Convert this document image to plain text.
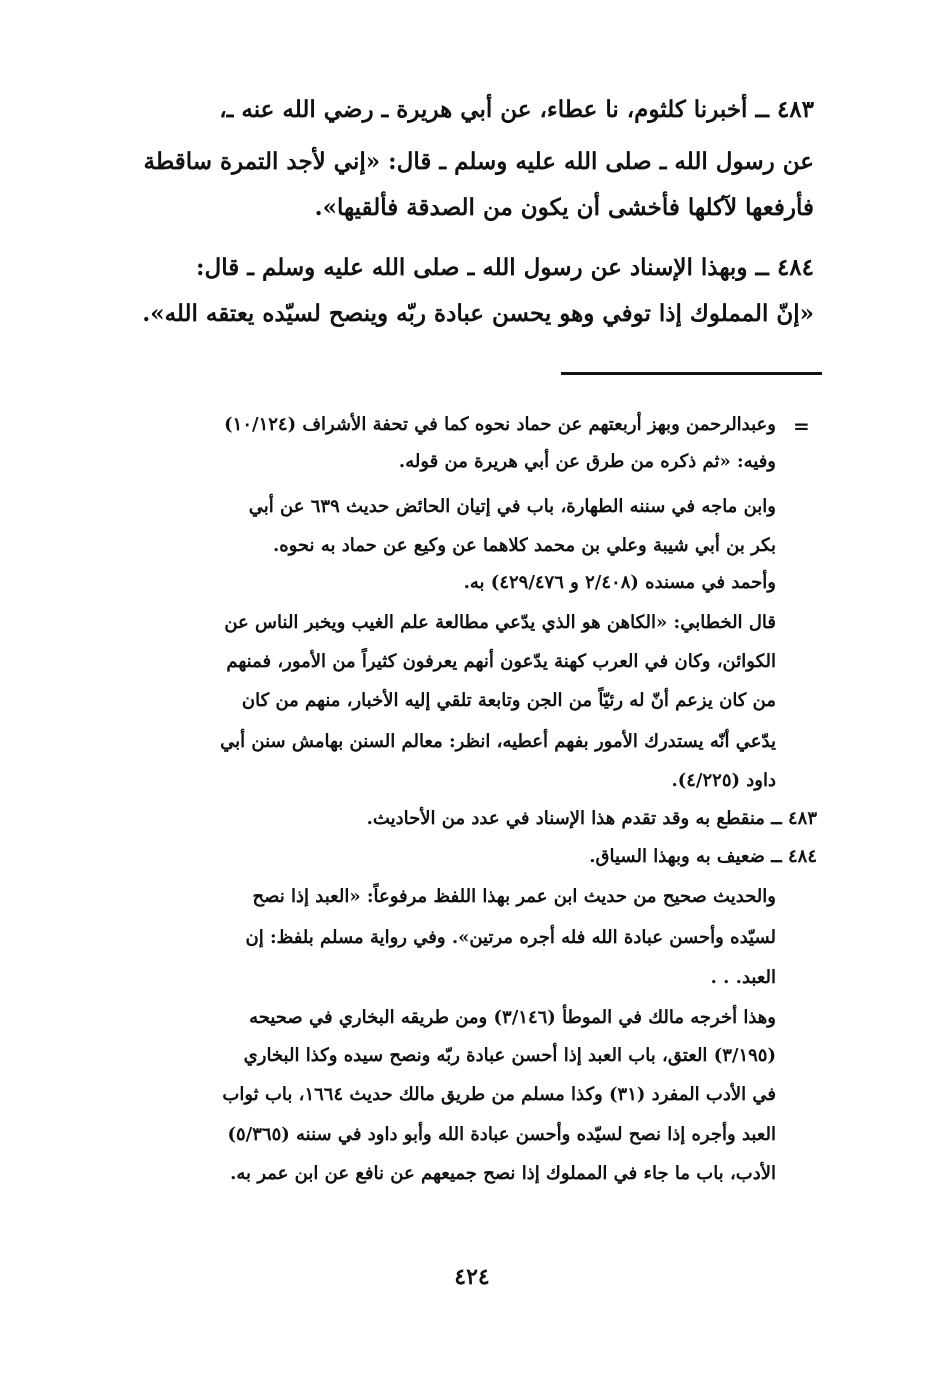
٤٨٣ ــ أخبرنا كلثوم، نا عطاء، عن أبي هريرة ـ رضي الله عنه ـ،
عن رسول الله ـ صلى الله عليه وسلم ـ قال: «إني لأجد التمرة ساقطة
فأرفعها لآكلها فأخشى أن يكون من الصدقة فألقيها».
٤٨٤ ــ وبهذا الإسناد عن رسول الله ـ صلى الله عليه وسلم ـ قال:
«إنّ المملوك إذا توفي وهو يحسن عبادة ربّه وينصح لسيّده يعتقه الله».
=
وعبدالرحمن وبهز أربعتهم عن حماد نحوه كما في تحفة الأشراف (١٠/١٢٤)
وفيه: «ثم ذكره من طرق عن أبي هريرة من قوله.
وابن ماجه في سننه الطهارة، باب في إتيان الحائض حديث ٦٣٩ عن أبي
بكر بن أبي شيبة وعلي بن محمد كلاهما عن وكيع عن حماد به نحوه.
وأحمد في مسنده (٢/٤٠٨ و ٤٢٩/٤٧٦) به.
قال الخطابي: «الكاهن هو الذي يدّعي مطالعة علم الغيب ويخبر الناس عن
الكوائن، وكان في العرب كهنة يدّعون أنهم يعرفون كثيراً من الأمور، فمنهم
من كان يزعم أنّ له رئيّاً من الجن وتابعة تلقي إليه الأخبار، منهم من كان
يدّعي أنّه يستدرك الأمور بفهم أعطيه، انظر: معالم السنن بهامش سنن أبي
داود (٤/٢٢٥).
٤٨٣ ــ منقطع به وقد تقدم هذا الإسناد في عدد من الأحاديث.
٤٨٤ ــ ضعيف به وبهذا السياق.
والحديث صحيح من حديث ابن عمر بهذا اللفظ مرفوعاً: «العبد إذا نصح
لسيّده وأحسن عبادة الله فله أجره مرتين». وفي رواية مسلم بلفظ: إن
العبد. . .
وهذا أخرجه مالك في الموطأ (٣/١٤٦) ومن طريقه البخاري في صحيحه
(٣/١٩٥) العتق، باب العبد إذا أحسن عبادة ربّه ونصح سيده وكذا البخاري
في الأدب المفرد (٣١) وكذا مسلم من طريق مالك حديث ١٦٦٤، باب ثواب
العبد وأجره إذا نصح لسيّده وأحسن عبادة الله وأبو داود في سننه (٥/٣٦٥)
الأدب، باب ما جاء في المملوك إذا نصح جميعهم عن نافع عن ابن عمر به.
٤٢٤
